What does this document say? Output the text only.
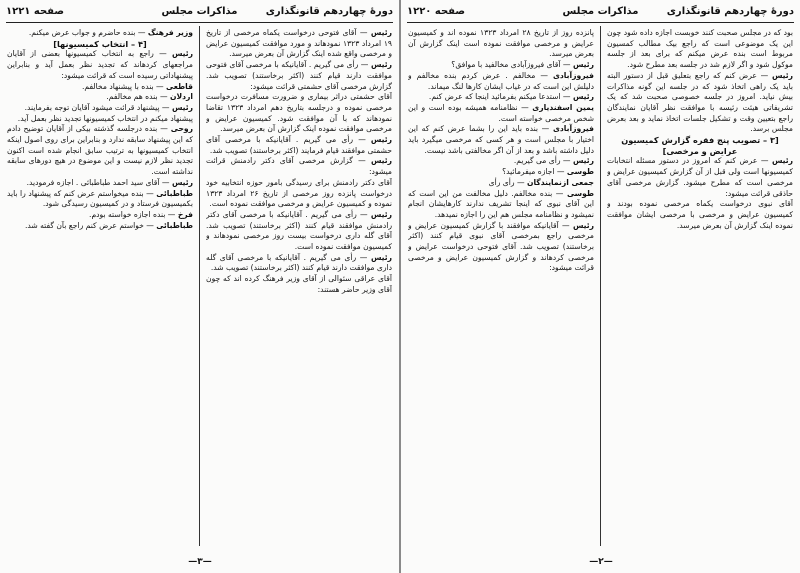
دورهٔ چهاردهم قانونگذاری
مذاکرات مجلس
صفحه ۱۲۲۱

رئیس — آقای فتوحی درخواست یکماه مرخصی از تاریخ ۱۹ امرداد ۱۳۲۳ نمودهاند و مورد موافقت کمیسیون عرایض و مرخصی واقع شده اینک گزارش آن بعرض میرسد.

رئیس — رأی می گیریم . آقایانیکه با مرخصی آقای فتوحی موافقت دارند قیام کنند (اکثر برخاستند) تصویب شد. گزارش مرخصی آقای حشمتی قرائت میشود:

آقای حشمتی دراثر بیماری و ضرورت مسافرت درخواست مرخصی نموده و درجلسه بتاریخ دهم امرداد ۱۳۲۳ تقاضا نمودهاند که با آن موافقت شود. کمیسیون عرایض و مرخصی موافقت نموده اینک گزارش آن بعرض میرسد.

رئیس — رأی می گیریم . آقایانیکه با مرخصی آقای حشمتی موافقند قیام فرمایند (اکثر برخاستند) تصویب شد.

رئیس — گزارش مرخصی آقای دکتر رادمنش قرائت میشود:

آقای دکتر رادمنش برای رسیدگی بامور حوزه انتخابیه خود درخواست پانزده روز مرخصی از تاریخ ۲۶ امرداد ۱۳۲۳ نموده و کمیسیون عرایض و مرخصی موافقت نموده است.

رئیس — رأی می گیریم . آقایانیکه با مرخصی آقای دکتر رادمنش موافقند قیام کنند (اکثر برخاستند) تصویب شد. آقای گله داری درخواست بیست روز مرخصی نمودهاند و کمیسیون موافقت نموده است.

رئیس — رأی می گیریم . آقایانیکه با مرخصی آقای گله داری موافقت دارند قیام کنند (اکثر برخاستند) تصویب شد.

آقای عراقی سئوالی از آقای وزیر فرهنگ کرده اند که چون آقای وزیر حاضر هستند:

وزیر فرهنگ — بنده حاضرم و جواب عرض میکنم.

[۴ – انتخاب کمیسیونها]

رئیس — راجع به انتخاب کمیسیونها بعضی از آقایان مراجعهای کردهاند که تجدید نظر بعمل آید و بنابراین پیشنهاداتی رسیده است که قرائت میشود:

قاطعی — بنده با پیشنهاد مخالفم.

اردلان — بنده هم مخالفم.

رئیس — پیشنهاد قرائت میشود آقایان توجه بفرمایند.

پیشنهاد میکنم در انتخاب کمیسیونها تجدید نظر بعمل آید.

روحی — بنده درجلسه گذشته بیکی از آقایان توضیح دادم که این پیشنهاد سابقه ندارد و بنابراین برای روی اصول اینکه انتخاب کمیسیونها به ترتیب سابق انجام شده است اکنون تجدید نظر لازم نیست و این موضوع در هیچ دورهای سابقه نداشته است.

رئیس — آقای سید احمد طباطبائی . اجازه فرمودید.

طباطبائی — بنده میخواستم عرض کنم که پیشنهاد را باید بکمیسیون فرستاد و در کمیسیون رسیدگی شود.

فرخ — بنده اجازه خواسته بودم.

طباطبائی — خواستم عرض کنم راجع بآن گفته شد.

—۳—
دورهٔ چهاردهم قانونگذاری
مذاکرات مجلس
صفحه ۱۲۲۰

بود که در مجلس صحبت کنند خوبست اجازه داده شود چون این یک موضوعی است که راجع بیک مطالب کمسیون مربوط است بنده عرض میکنم که برای بعد از جلسه موکول شود و اگر لازم شد در جلسه بعد مطرح شود.

رئیس — عرض کنم که راجع بتعلیق قبل از دستور البته باید یک راهی اتخاذ شود که در جلسه این گونه مذاکرات بیش نیاید. امروز در جلسه خصوصی صحبت شد که یک تشریفاتی هیئت رئیسه با موافقت نظر آقایان نمایندگان راجع بتعیین وقت و تشکیل جلسات اتخاذ نماید و بعد بعرض مجلس برسد.

[۳ – تصویب پنج فقره گزارش کمیسیون عرایض و مرخصی]

رئیس — عرض کنم که امروز در دستور مسئله انتخابات کمیسیونها است ولی قبل از آن گزارش کمیسیون عرایض و مرخصی است که مطرح میشود. گزارش مرخصی آقای حاذقی قرائت میشود:

آقای نبوی درخواست یکماه مرخصی نموده بودند و کمیسیون عرایض و مرخصی با مرخصی ایشان موافقت نموده اینک گزارش آن بعرض میرسد.

پانزده روز از تاریخ ۲۸ امرداد ۱۳۲۳ نموده اند و کمیسیون عرایض و مرخصی موافقت نموده است اینک گزارش آن بعرض میرسد.

رئیس — آقای فیروزآبادی مخالفید با موافق؟

فیروزآبادی — مخالفم . عرض کردم بنده مخالفم و دلیلش این است که در غیاب ایشان کارها لنگ میماند.

رئیس — استدعا میکنم بفرمائید اینجا که عرض کنم.

یمین اسفندیاری — نظامنامه همیشه بوده است و این شخص مرخصی خواسته است.

فیروزآبادی — بنده باید این را بشما عرض کنم که این اختیار با مجلس است و هر کسی که مرخصی میگیرد باید دلیل داشته باشد و بعد از آن اگر مخالفتی باشد نیست.

رئیس — رأی می گیریم.

طوسی — اجازه میفرمائید؟

جمعی ازنمایندگان — رأی رأی

طوسی — بنده مخالفم. دلیل مخالفت من این است که این آقای نبوی که اینجا تشریف ندارند کارهایشان انجام نمیشود و نظامنامه مجلس هم این را اجازه نمیدهد.

رئیس — آقایانیکه موافقند با گزارش کمیسیون عرایض و مرخصی راجع بمرخصی آقای نبوی قیام کنند (اکثر برخاستند) تصویب شد. آقای فتوحی درخواست عرایض و مرخصی کردهاند و گزارش کمیسیون عرایض و مرخصی قرائت میشود:

—۲—
